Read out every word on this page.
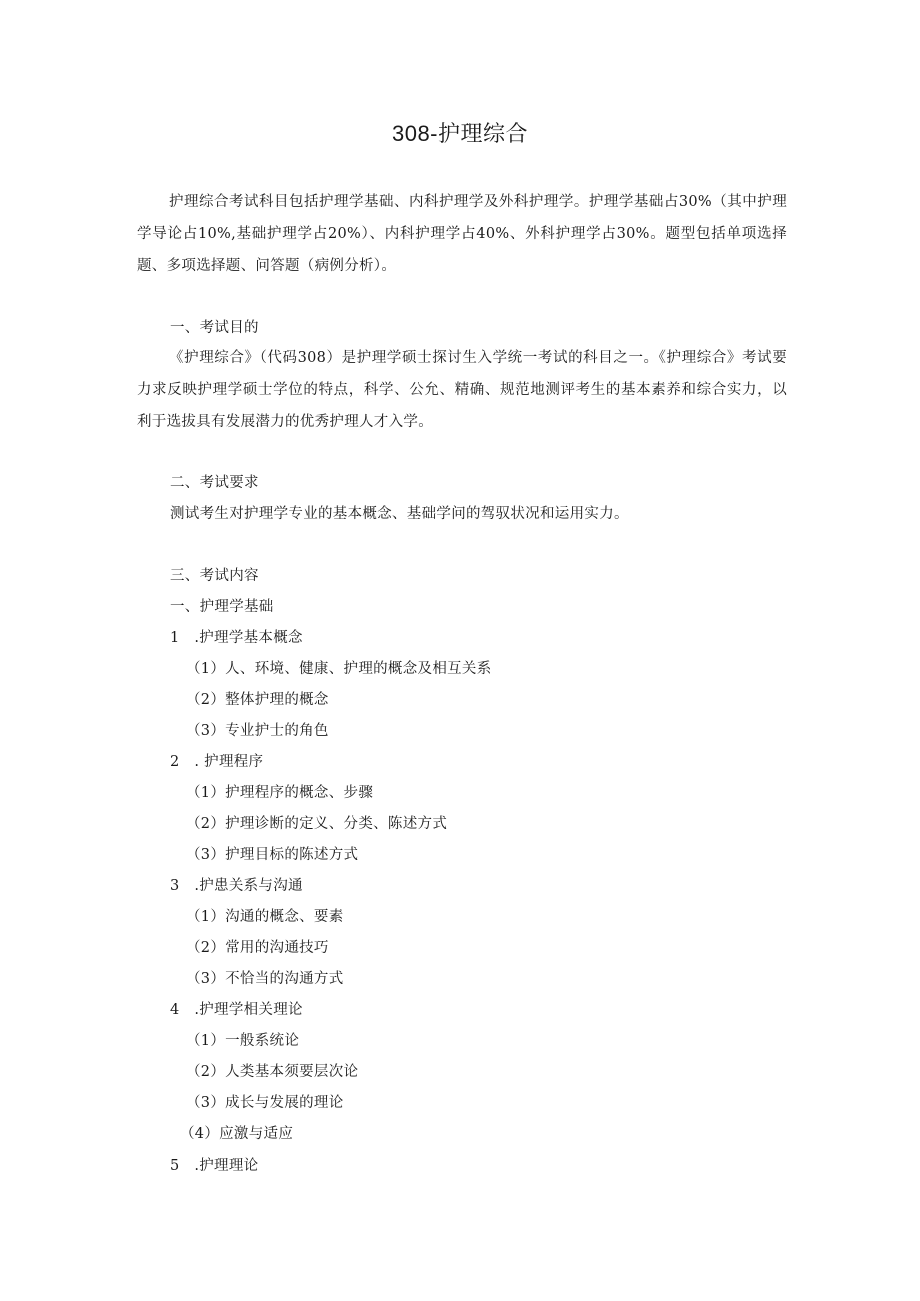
308-护理综合
护理综合考试科目包括护理学基础、内科护理学及外科护理学。护理学基础占30%（其中护理学导论占10%,基础护理学占20%）、内科护理学占40%、外科护理学占30%。题型包括单项选择题、多项选择题、问答题（病例分析）。
一、考试目的
《护理综合》（代码308）是护理学硕士探讨生入学统一考试的科目之一。《护理综合》考试要力求反映护理学硕士学位的特点，科学、公允、精确、规范地测评考生的基本素养和综合实力，以利于选拔具有发展潜力的优秀护理人才入学。
二、考试要求
测试考生对护理学专业的基本概念、基础学问的驾驭状况和运用实力。
三、考试内容
一、护理学基础
1　.护理学基本概念
（1）人、环境、健康、护理的概念及相互关系
（2）整体护理的概念
（3）专业护士的角色
2　. 护理程序
（1）护理程序的概念、步骤
（2）护理诊断的定义、分类、陈述方式
（3）护理目标的陈述方式
3　.护患关系与沟通
（1）沟通的概念、要素
（2）常用的沟通技巧
（3）不恰当的沟通方式
4　.护理学相关理论
（1）一般系统论
（2）人类基本须要层次论
（3）成长与发展的理论
（4）应激与适应
5　.护理理论
